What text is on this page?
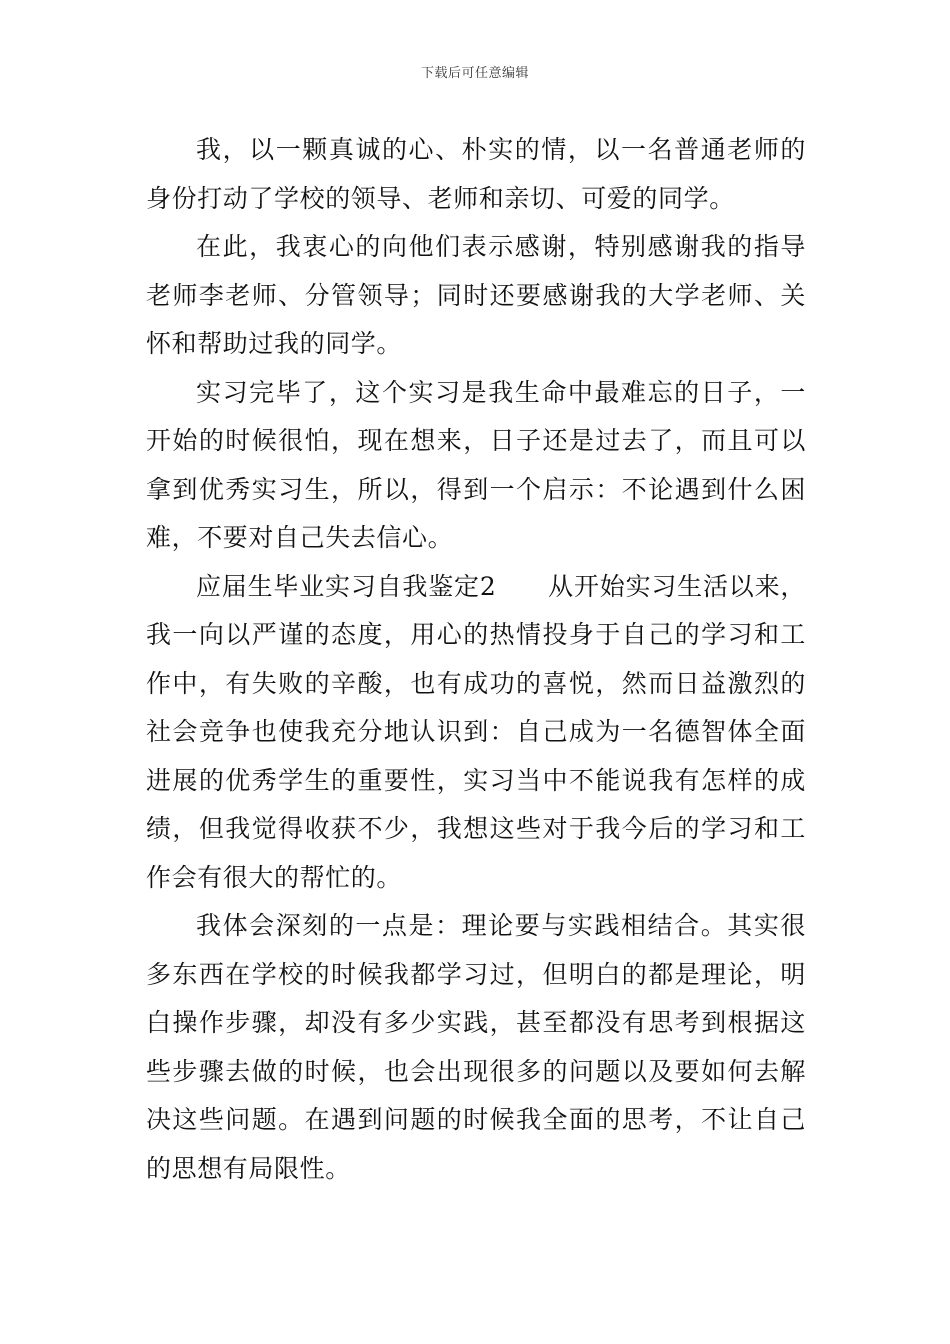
下载后可任意编辑

我，以一颗真诚的心、朴实的情，以一名普通老师的身份打动了学校的领导、老师和亲切、可爱的同学。

在此，我衷心的向他们表示感谢，特别感谢我的指导老师李老师、分管领导；同时还要感谢我的大学老师、关怀和帮助过我的同学。

实习完毕了，这个实习是我生命中最难忘的日子，一开始的时候很怕，现在想来，日子还是过去了，而且可以拿到优秀实习生，所以，得到一个启示：不论遇到什么困难，不要对自己失去信心。

应届生毕业实习自我鉴定2　　从开始实习生活以来，我一向以严谨的态度，用心的热情投身于自己的学习和工作中，有失败的辛酸，也有成功的喜悦，然而日益激烈的社会竞争也使我充分地认识到：自己成为一名德智体全面进展的优秀学生的重要性，实习当中不能说我有怎样的成绩，但我觉得收获不少，我想这些对于我今后的学习和工作会有很大的帮忙的。

我体会深刻的一点是：理论要与实践相结合。其实很多东西在学校的时候我都学习过，但明白的都是理论，明白操作步骤，却没有多少实践，甚至都没有思考到根据这些步骤去做的时候，也会出现很多的问题以及要如何去解决这些问题。在遇到问题的时候我全面的思考，不让自己的思想有局限性。
